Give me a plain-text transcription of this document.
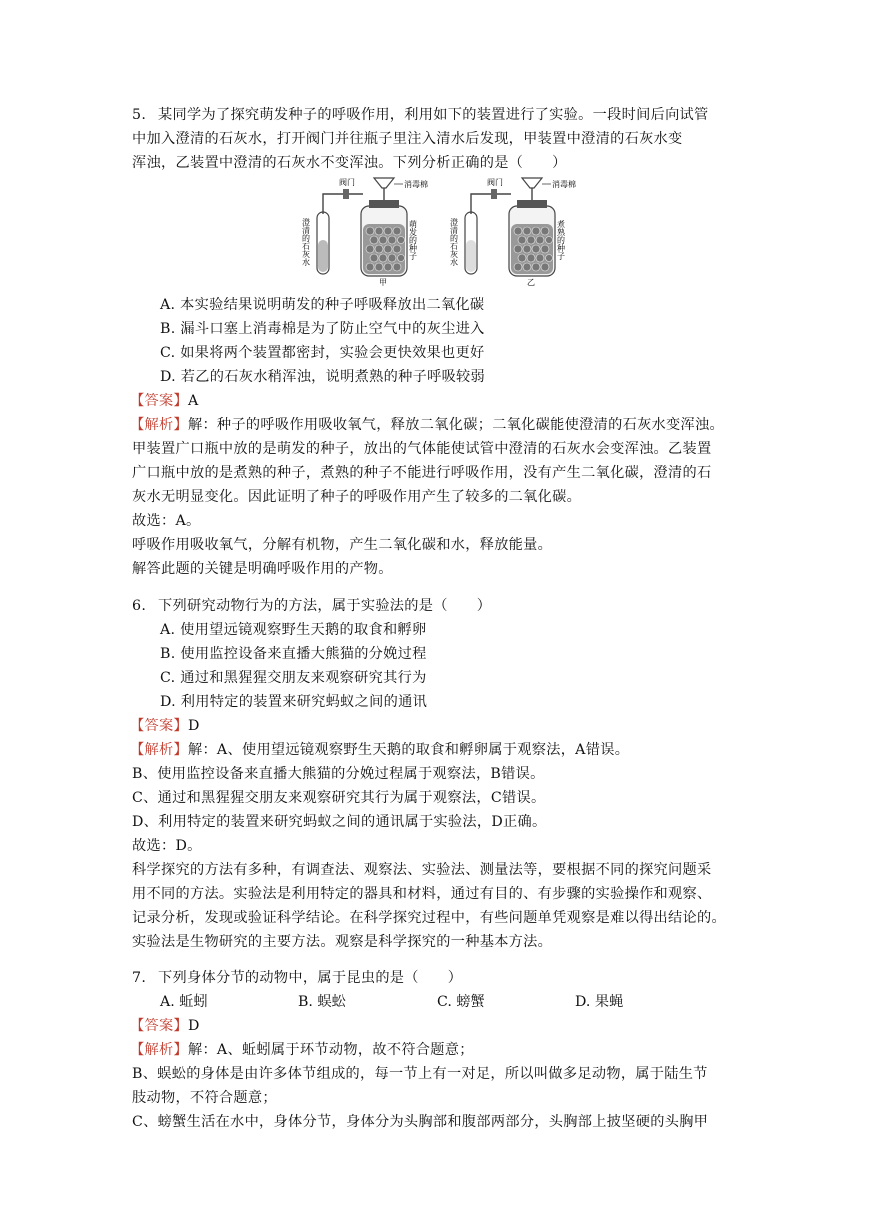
5. 某同学为了探究萌发种子的呼吸作用，利用如下的装置进行了实验。一段时间后向试管
中加入澄清的石灰水，打开阀门并往瓶子里注入清水后发现，甲装置中澄清的石灰水变
浑浊，乙装置中澄清的石灰水不变浑浊。下列分析正确的是（　　）
阀门	消毒棉
澄清的石灰水	萌发的种子
甲
阀门	消毒棉
澄清的石灰水	煮熟的种子
乙
A. 本实验结果说明萌发的种子呼吸释放出二氧化碳
B. 漏斗口塞上消毒棉是为了防止空气中的灰尘进入
C. 如果将两个装置都密封，实验会更快效果也更好
D. 若乙的石灰水稍浑浊，说明煮熟的种子呼吸较弱
【答案】A
【解析】解：种子的呼吸作用吸收氧气，释放二氧化碳；二氧化碳能使澄清的石灰水变浑浊。
甲装置广口瓶中放的是萌发的种子，放出的气体能使试管中澄清的石灰水会变浑浊。乙装置
广口瓶中放的是煮熟的种子，煮熟的种子不能进行呼吸作用，没有产生二氧化碳，澄清的石
灰水无明显变化。因此证明了种子的呼吸作用产生了较多的二氧化碳。
故选：A。
呼吸作用吸收氧气，分解有机物，产生二氧化碳和水，释放能量。
解答此题的关键是明确呼吸作用的产物。
6. 下列研究动物行为的方法，属于实验法的是（　　）
A. 使用望远镜观察野生天鹅的取食和孵卵
B. 使用监控设备来直播大熊猫的分娩过程
C. 通过和黑猩猩交朋友来观察研究其行为
D. 利用特定的装置来研究蚂蚁之间的通讯
【答案】D
【解析】解：A、使用望远镜观察野生天鹅的取食和孵卵属于观察法，A错误。
B、使用监控设备来直播大熊猫的分娩过程属于观察法，B错误。
C、通过和黑猩猩交朋友来观察研究其行为属于观察法，C错误。
D、利用特定的装置来研究蚂蚁之间的通讯属于实验法，D正确。
故选：D。
科学探究的方法有多种，有调查法、观察法、实验法、测量法等，要根据不同的探究问题采
用不同的方法。实验法是利用特定的器具和材料，通过有目的、有步骤的实验操作和观察、
记录分析，发现或验证科学结论。在科学探究过程中，有些问题单凭观察是难以得出结论的。
实验法是生物研究的主要方法。观察是科学探究的一种基本方法。
7. 下列身体分节的动物中，属于昆虫的是（　　）
A. 蚯蚓	B. 蜈蚣	C. 螃蟹	D. 果蝇
【答案】D
【解析】解：A、蚯蚓属于环节动物，故不符合题意；
B、蜈蚣的身体是由许多体节组成的，每一节上有一对足，所以叫做多足动物，属于陆生节
肢动物，不符合题意；
C、螃蟹生活在水中，身体分节，身体分为头胸部和腹部两部分，头胸部上披坚硬的头胸甲
